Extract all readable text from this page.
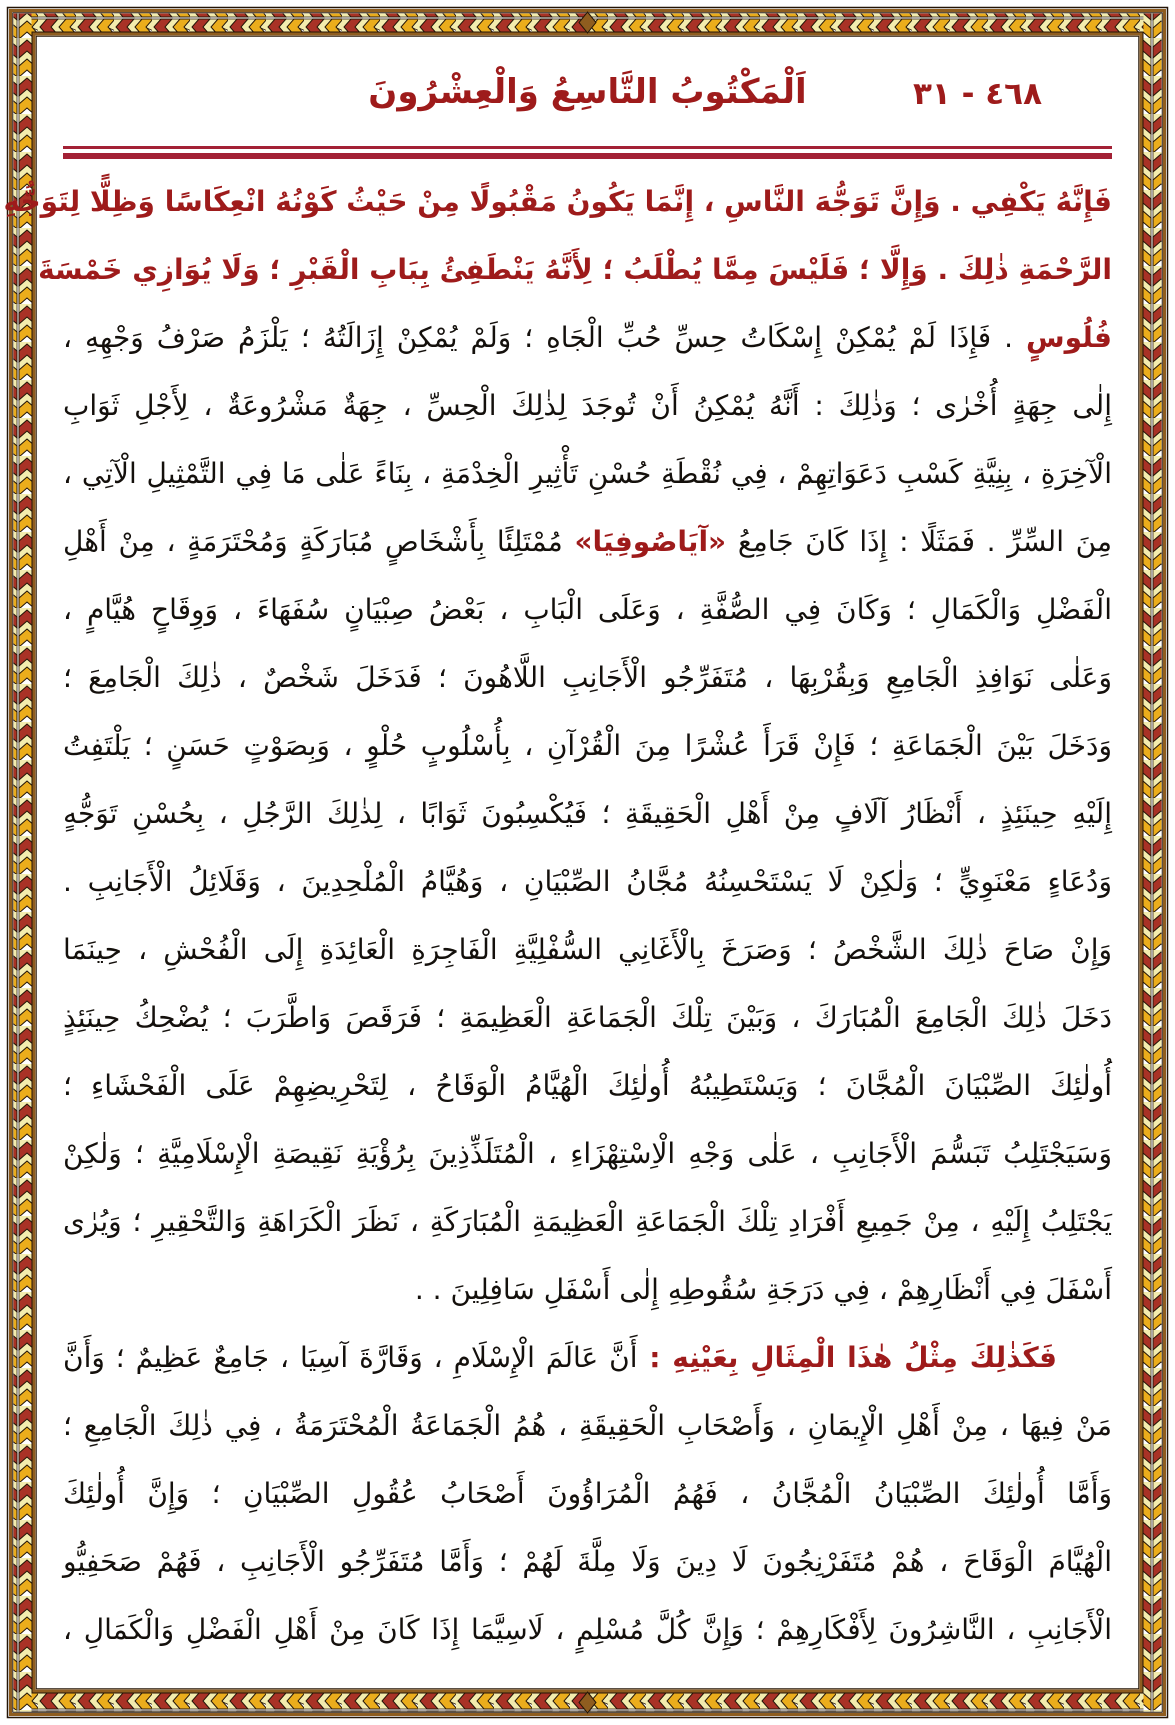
اَلْمَكْتُوبُ التَّاسِعُ وَالْعِشْرُونَ	٤٦٨ - ٣١
فَإِنَّهُ يَكْفِي . وَإِنَّ تَوَجُّهَ النَّاسِ ، إِنَّمَا يَكُونُ مَقْبُولًا مِنْ حَيْثُ كَوْنُهُ انْعِكَاسًا وَظِلًّا لِتَوَجُّهِ
الرَّحْمَةِ ذٰلِكَ . وَإِلَّا ؛ فَلَيْسَ مِمَّا يُطْلَبُ ؛ لِأَنَّهُ يَنْطَفِئُ بِبَابِ الْقَبْرِ ؛ وَلَا يُوَازِي خَمْسَةَ
فُلُوسٍ . فَإِذَا لَمْ يُمْكِنْ إِسْكَاتُ حِسِّ حُبِّ الْجَاهِ ؛ وَلَمْ يُمْكِنْ إِزَالَتُهُ ؛ يَلْزَمُ صَرْفُ وَجْهِهِ ،
إِلٰى جِهَةٍ أُخْرٰى ؛ وَذٰلِكَ : أَنَّهُ يُمْكِنُ أَنْ تُوجَدَ لِذٰلِكَ الْحِسِّ ، جِهَةٌ مَشْرُوعَةٌ ، لِأَجْلِ ثَوَابِ
الْآخِرَةِ ، بِنِيَّةِ كَسْبِ دَعَوَاتِهِمْ ، فِي نُقْطَةِ حُسْنِ تَأْثِيرِ الْخِدْمَةِ ، بِنَاءً عَلٰى مَا فِي التَّمْثِيلِ الْآتِي ،
مِنَ السِّرِّ . فَمَثَلًا : إِذَا كَانَ جَامِعُ «آيَاصُوفِيَا» مُمْتَلِئًا بِأَشْخَاصٍ مُبَارَكَةٍ وَمُحْتَرَمَةٍ ، مِنْ أَهْلِ
الْفَضْلِ وَالْكَمَالِ ؛ وَكَانَ فِي الصُّفَّةِ ، وَعَلَى الْبَابِ ، بَعْضُ صِبْيَانٍ سُفَهَاءَ ، وَوِقَاحٍ هُيَّامٍ ،
وَعَلٰى نَوَافِذِ الْجَامِعِ وَبِقُرْبِهَا ، مُتَفَرِّجُو الْأَجَانِبِ اللَّاهُونَ ؛ فَدَخَلَ شَخْصٌ ، ذٰلِكَ الْجَامِعَ ؛
وَدَخَلَ بَيْنَ الْجَمَاعَةِ ؛ فَإِنْ قَرَأَ عُشْرًا مِنَ الْقُرْآنِ ، بِأُسْلُوبٍ حُلْوٍ ، وَبِصَوْتٍ حَسَنٍ ؛ يَلْتَفِتُ
إِلَيْهِ حِينَئِذٍ ، أَنْظَارُ آلَافٍ مِنْ أَهْلِ الْحَقِيقَةِ ؛ فَيُكْسِبُونَ ثَوَابًا ، لِذٰلِكَ الرَّجُلِ ، بِحُسْنِ تَوَجُّهٍ
وَدُعَاءٍ مَعْنَوِيٍّ ؛ وَلٰكِنْ لَا يَسْتَحْسِنُهُ مُجَّانُ الصِّبْيَانِ ، وَهُيَّامُ الْمُلْحِدِينَ ، وَقَلَائِلُ الْأَجَانِبِ .
وَإِنْ صَاحَ ذٰلِكَ الشَّخْصُ ؛ وَصَرَخَ بِالْأَغَانِي السُّفْلِيَّةِ الْفَاجِرَةِ الْعَائِدَةِ إِلَى الْفُحْشِ ، حِينَمَا
دَخَلَ ذٰلِكَ الْجَامِعَ الْمُبَارَكَ ، وَبَيْنَ تِلْكَ الْجَمَاعَةِ الْعَظِيمَةِ ؛ فَرَقَصَ وَاطَّرَبَ ؛ يُضْحِكُ حِينَئِذٍ
أُولٰئِكَ الصِّبْيَانَ الْمُجَّانَ ؛ وَيَسْتَطِيبُهُ أُولٰئِكَ الْهُيَّامُ الْوَقَاحُ ، لِتَحْرِيضِهِمْ عَلَى الْفَحْشَاءِ ؛
وَسَيَجْتَلِبُ تَبَسُّمَ الْأَجَانِبِ ، عَلٰى وَجْهِ الْاِسْتِهْزَاءِ ، الْمُتَلَذِّذِينَ بِرُؤْيَةِ نَقِيصَةِ الْإِسْلَامِيَّةِ ؛ وَلٰكِنْ
يَجْتَلِبُ إِلَيْهِ ، مِنْ جَمِيعِ أَفْرَادِ تِلْكَ الْجَمَاعَةِ الْعَظِيمَةِ الْمُبَارَكَةِ ، نَظَرَ الْكَرَاهَةِ وَالتَّحْقِيرِ ؛ وَيُرٰى
أَسْفَلَ فِي أَنْظَارِهِمْ ، فِي دَرَجَةِ سُقُوطِهِ إِلٰى أَسْفَلِ سَافِلِينَ . .
فَكَذٰلِكَ مِثْلُ هٰذَا الْمِثَالِ بِعَيْنِهِ : أَنَّ عَالَمَ الْإِسْلَامِ ، وَقَارَّةَ آسِيَا ، جَامِعٌ عَظِيمٌ ؛ وَأَنَّ
مَنْ فِيهَا ، مِنْ أَهْلِ الْإِيمَانِ ، وَأَصْحَابِ الْحَقِيقَةِ ، هُمُ الْجَمَاعَةُ الْمُحْتَرَمَةُ ، فِي ذٰلِكَ الْجَامِعِ ؛
وَأَمَّا أُولٰئِكَ الصِّبْيَانُ الْمُجَّانُ ، فَهُمُ الْمُرَاؤُونَ أَصْحَابُ عُقُولِ الصِّبْيَانِ ؛ وَإِنَّ أُولٰئِكَ
الْهُيَّامَ الْوَقَاحَ ، هُمْ مُتَفَرْنِجُونَ لَا دِينَ وَلَا مِلَّةَ لَهُمْ ؛ وَأَمَّا مُتَفَرِّجُو الْأَجَانِبِ ، فَهُمْ صَحَفِيُّو
الْأَجَانِبِ ، النَّاشِرُونَ لِأَفْكَارِهِمْ ؛ وَإِنَّ كُلَّ مُسْلِمٍ ، لَاسِيَّمَا إِذَا كَانَ مِنْ أَهْلِ الْفَضْلِ وَالْكَمَالِ ،
